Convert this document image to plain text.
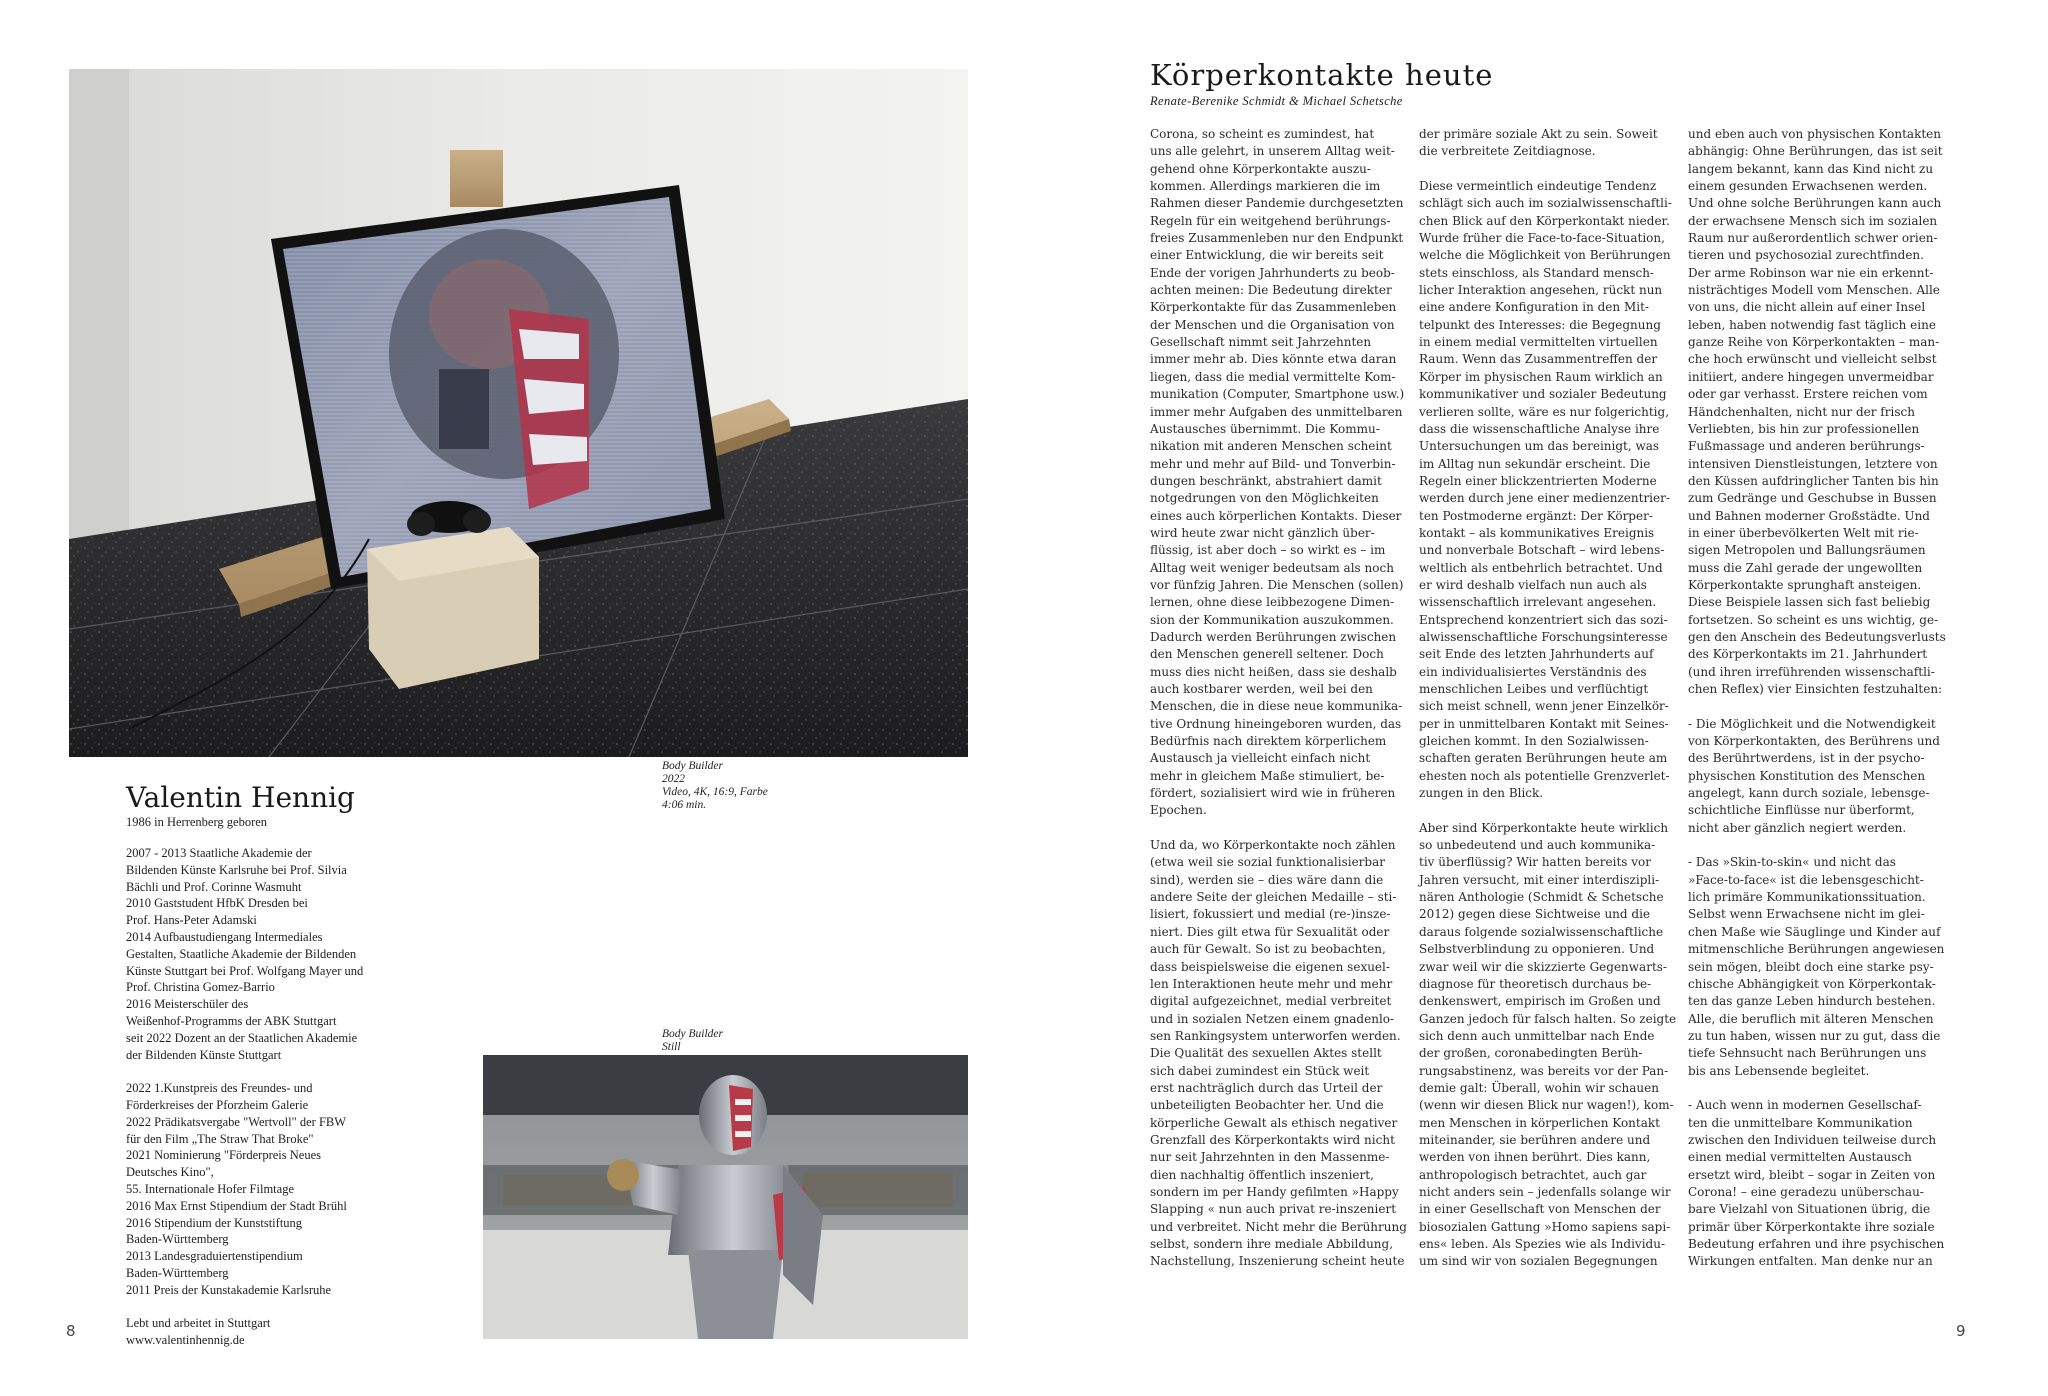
Body Builder
2022
Video, 4K, 16:9, Farbe
4:06 min.
Valentin Hennig

1986 in Herrenberg geboren

2007 - 2013 Staatliche Akademie der
Bildenden Künste Karlsruhe bei Prof. Silvia
Bächli und Prof. Corinne Wasmuht
2010 Gaststudent HfbK Dresden bei
Prof. Hans-Peter Adamski
2014 Aufbaustudiengang Intermediales
Gestalten, Staatliche Akademie der Bildenden
Künste Stuttgart bei Prof. Wolfgang Mayer und
Prof. Christina Gomez-Barrio
2016 Meisterschüler des
Weißenhof-Programms der ABK Stuttgart
seit 2022 Dozent an der Staatlichen Akademie
der Bildenden Künste Stuttgart
2022 1.Kunstpreis des Freundes- und
Förderkreises der Pforzheim Galerie
2022 Prädikatsvergabe "Wertvoll" der FBW
für den Film „The Straw That Broke"
2021 Nominierung "Förderpreis Neues
Deutsches Kino",
55. Internationale Hofer Filmtage
2016 Max Ernst Stipendium der Stadt Brühl
2016 Stipendium der Kunststiftung
Baden-Württemberg
2013 Landesgraduiertenstipendium
Baden-Württemberg
2011 Preis der Kunstakademie Karlsruhe
Lebt und arbeitet in Stuttgart
www.valentinhennig.de
Body Builder
Still
8
Körperkontakte heute

Renate-Berenike Schmidt & Michael Schetsche

Corona, so scheint es zumindest, hat
uns alle gelehrt, in unserem Alltag weit-
gehend ohne Körperkontakte auszu-
kommen. Allerdings markieren die im
Rahmen dieser Pandemie durchgesetzten
Regeln für ein weitgehend berührungs-
freies Zusammenleben nur den Endpunkt
einer Entwicklung, die wir bereits seit
Ende der vorigen Jahrhunderts zu beob-
achten meinen: Die Bedeutung direkter
Körperkontakte für das Zusammenleben
der Menschen und die Organisation von
Gesellschaft nimmt seit Jahrzehnten
immer mehr ab. Dies könnte etwa daran
liegen, dass die medial vermittelte Kom-
munikation (Computer, Smartphone usw.)
immer mehr Aufgaben des unmittelbaren
Austausches übernimmt. Die Kommu-
nikation mit anderen Menschen scheint
mehr und mehr auf Bild- und Tonverbin-
dungen beschränkt, abstrahiert damit
notgedrungen von den Möglichkeiten
eines auch körperlichen Kontakts. Dieser
wird heute zwar nicht gänzlich über-
flüssig, ist aber doch – so wirkt es – im
Alltag weit weniger bedeutsam als noch
vor fünfzig Jahren. Die Menschen (sollen)
lernen, ohne diese leibbezogene Dimen-
sion der Kommunikation auszukommen.
Dadurch werden Berührungen zwischen
den Menschen generell seltener. Doch
muss dies nicht heißen, dass sie deshalb
auch kostbarer werden, weil bei den
Menschen, die in diese neue kommunika-
tive Ordnung hineingeboren wurden, das
Bedürfnis nach direktem körperlichem
Austausch ja vielleicht einfach nicht
mehr in gleichem Maße stimuliert, be-
fördert, sozialisiert wird wie in früheren
Epochen.
Und da, wo Körperkontakte noch zählen
(etwa weil sie sozial funktionalisierbar
sind), werden sie – dies wäre dann die
andere Seite der gleichen Medaille – sti-
lisiert, fokussiert und medial (re-)insze-
niert. Dies gilt etwa für Sexualität oder
auch für Gewalt. So ist zu beobachten,
dass beispielsweise die eigenen sexuel-
len Interaktionen heute mehr und mehr
digital aufgezeichnet, medial verbreitet
und in sozialen Netzen einem gnadenlo-
sen Rankingsystem unterworfen werden.
Die Qualität des sexuellen Aktes stellt
sich dabei zumindest ein Stück weit
erst nachträglich durch das Urteil der
unbeteiligten Beobachter her. Und die
körperliche Gewalt als ethisch negativer
Grenzfall des Körperkontakts wird nicht
nur seit Jahrzehnten in den Massenme-
dien nachhaltig öffentlich inszeniert,
sondern im per Handy gefilmten »Happy
Slapping « nun auch privat re-inszeniert
und verbreitet. Nicht mehr die Berührung
selbst, sondern ihre mediale Abbildung,
Nachstellung, Inszenierung scheint heute
der primäre soziale Akt zu sein. Soweit
die verbreitete Zeitdiagnose.
Diese vermeintlich eindeutige Tendenz
schlägt sich auch im sozialwissenschaftli-
chen Blick auf den Körperkontakt nieder.
Wurde früher die Face-to-face-Situation,
welche die Möglichkeit von Berührungen
stets einschloss, als Standard mensch-
licher Interaktion angesehen, rückt nun
eine andere Konfiguration in den Mit-
telpunkt des Interesses: die Begegnung
in einem medial vermittelten virtuellen
Raum. Wenn das Zusammentreffen der
Körper im physischen Raum wirklich an
kommunikativer und sozialer Bedeutung
verlieren sollte, wäre es nur folgerichtig,
dass die wissenschaftliche Analyse ihre
Untersuchungen um das bereinigt, was
im Alltag nun sekundär erscheint. Die
Regeln einer blickzentrierten Moderne
werden durch jene einer medienzentrier-
ten Postmoderne ergänzt: Der Körper-
kontakt – als kommunikatives Ereignis
und nonverbale Botschaft – wird lebens-
weltlich als entbehrlich betrachtet. Und
er wird deshalb vielfach nun auch als
wissenschaftlich irrelevant angesehen.
Entsprechend konzentriert sich das sozi-
alwissenschaftliche Forschungsinteresse
seit Ende des letzten Jahrhunderts auf
ein individualisiertes Verständnis des
menschlichen Leibes und verflüchtigt
sich meist schnell, wenn jener Einzelkör-
per in unmittelbaren Kontakt mit Seines-
gleichen kommt. In den Sozialwissen-
schaften geraten Berührungen heute am
ehesten noch als potentielle Grenzverlet-
zungen in den Blick.
Aber sind Körperkontakte heute wirklich
so unbedeutend und auch kommunika-
tiv überflüssig? Wir hatten bereits vor
Jahren versucht, mit einer interdiszipli-
nären Anthologie (Schmidt & Schetsche
2012) gegen diese Sichtweise und die
daraus folgende sozialwissenschaftliche
Selbstverblindung zu opponieren. Und
zwar weil wir die skizzierte Gegenwarts-
diagnose für theoretisch durchaus be-
denkenswert, empirisch im Großen und
Ganzen jedoch für falsch halten. So zeigte
sich denn auch unmittelbar nach Ende
der großen, coronabedingten Berüh-
rungsabstinenz, was bereits vor der Pan-
demie galt: Überall, wohin wir schauen
(wenn wir diesen Blick nur wagen!), kom-
men Menschen in körperlichen Kontakt
miteinander, sie berühren andere und
werden von ihnen berührt. Dies kann,
anthropologisch betrachtet, auch gar
nicht anders sein – jedenfalls solange wir
in einer Gesellschaft von Menschen der
biosozialen Gattung »Homo sapiens sapi-
ens« leben. Als Spezies wie als Individu-
um sind wir von sozialen Begegnungen
und eben auch von physischen Kontakten
abhängig: Ohne Berührungen, das ist seit
langem bekannt, kann das Kind nicht zu
einem gesunden Erwachsenen werden.
Und ohne solche Berührungen kann auch
der erwachsene Mensch sich im sozialen
Raum nur außerordentlich schwer orien-
tieren und psychosozial zurechtfinden.
Der arme Robinson war nie ein erkennt-
nisträchtiges Modell vom Menschen. Alle
von uns, die nicht allein auf einer Insel
leben, haben notwendig fast täglich eine
ganze Reihe von Körperkontakten – man-
che hoch erwünscht und vielleicht selbst
initiiert, andere hingegen unvermeidbar
oder gar verhasst. Erstere reichen vom
Händchenhalten, nicht nur der frisch
Verliebten, bis hin zur professionellen
Fußmassage und anderen berührungs-
intensiven Dienstleistungen, letztere von
den Küssen aufdringlicher Tanten bis hin
zum Gedränge und Geschubse in Bussen
und Bahnen moderner Großstädte. Und
in einer überbevölkerten Welt mit rie-
sigen Metropolen und Ballungsräumen
muss die Zahl gerade der ungewollten
Körperkontakte sprunghaft ansteigen.
Diese Beispiele lassen sich fast beliebig
fortsetzen. So scheint es uns wichtig, ge-
gen den Anschein des Bedeutungsverlusts
des Körperkontakts im 21. Jahrhundert
(und ihren irreführenden wissenschaftli-
chen Reflex) vier Einsichten festzuhalten:
- Die Möglichkeit und die Notwendigkeit
von Körperkontakten, des Berührens und
des Berührtwerdens, ist in der psycho-
physischen Konstitution des Menschen
angelegt, kann durch soziale, lebensge-
schichtliche Einflüsse nur überformt,
nicht aber gänzlich negiert werden.
- Das »Skin-to-skin« und nicht das
»Face-to-face« ist die lebensgeschicht-
lich primäre Kommunikationssituation.
Selbst wenn Erwachsene nicht im glei-
chen Maße wie Säuglinge und Kinder auf
mitmenschliche Berührungen angewiesen
sein mögen, bleibt doch eine starke psy-
chische Abhängigkeit von Körperkontak-
ten das ganze Leben hindurch bestehen.
Alle, die beruflich mit älteren Menschen
zu tun haben, wissen nur zu gut, dass die
tiefe Sehnsucht nach Berührungen uns
bis ans Lebensende begleitet.
- Auch wenn in modernen Gesellschaf-
ten die unmittelbare Kommunikation
zwischen den Individuen teilweise durch
einen medial vermittelten Austausch
ersetzt wird, bleibt – sogar in Zeiten von
Corona! – eine geradezu unüberschau-
bare Vielzahl von Situationen übrig, die
primär über Körperkontakte ihre soziale
Bedeutung erfahren und ihre psychischen
Wirkungen entfalten. Man denke nur an
9
